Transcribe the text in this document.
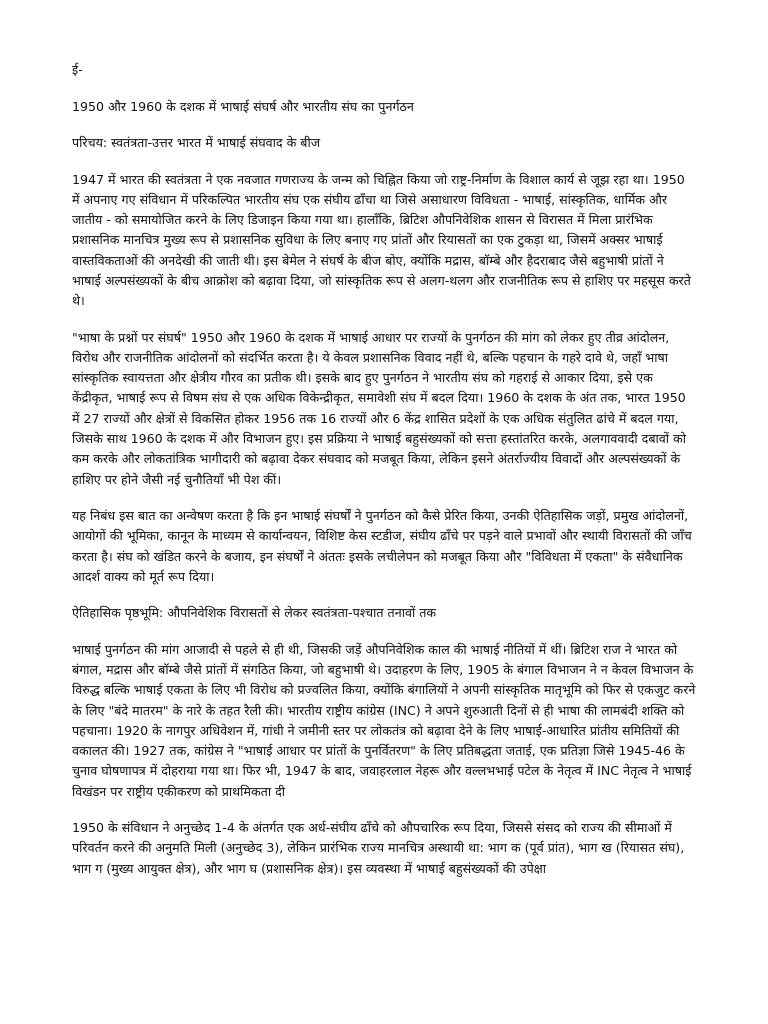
ई-

1950 और 1960 के दशक में भाषाई संघर्ष और भारतीय संघ का पुनर्गठन

परिचय: स्वतंत्रता-उत्तर भारत में भाषाई संघवाद के बीज

1947 में भारत की स्वतंत्रता ने एक नवजात गणराज्य के जन्म को चिह्नित किया जो राष्ट्र-निर्माण के विशाल कार्य से जूझ रहा था। 1950 में अपनाए गए संविधान में परिकल्पित भारतीय संघ एक संघीय ढाँचा था जिसे असाधारण विविधता - भाषाई, सांस्कृतिक, धार्मिक और जातीय - को समायोजित करने के लिए डिजाइन किया गया था। हालाँकि, ब्रिटिश औपनिवेशिक शासन से विरासत में मिला प्रारंभिक प्रशासनिक मानचित्र मुख्य रूप से प्रशासनिक सुविधा के लिए बनाए गए प्रांतों और रियासतों का एक टुकड़ा था, जिसमें अक्सर भाषाई वास्तविकताओं की अनदेखी की जाती थी। इस बेमेल ने संघर्ष के बीज बोए, क्योंकि मद्रास, बॉम्बे और हैदराबाद जैसे बहुभाषी प्रांतों ने भाषाई अल्पसंख्यकों के बीच आक्रोश को बढ़ावा दिया, जो सांस्कृतिक रूप से अलग-थलग और राजनीतिक रूप से हाशिए पर महसूस करते थे।

"भाषा के प्रश्नों पर संघर्ष" 1950 और 1960 के दशक में भाषाई आधार पर राज्यों के पुनर्गठन की मांग को लेकर हुए तीव्र आंदोलन, विरोध और राजनीतिक आंदोलनों को संदर्भित करता है। ये केवल प्रशासनिक विवाद नहीं थे, बल्कि पहचान के गहरे दावे थे, जहाँ भाषा सांस्कृतिक स्वायत्तता और क्षेत्रीय गौरव का प्रतीक थी। इसके बाद हुए पुनर्गठन ने भारतीय संघ को गहराई से आकार दिया, इसे एक केंद्रीकृत, भाषाई रूप से विषम संघ से एक अधिक विकेन्द्रीकृत, समावेशी संघ में बदल दिया। 1960 के दशक के अंत तक, भारत 1950 में 27 राज्यों और क्षेत्रों से विकसित होकर 1956 तक 16 राज्यों और 6 केंद्र शासित प्रदेशों के एक अधिक संतुलित ढांचे में बदल गया, जिसके साथ 1960 के दशक में और विभाजन हुए। इस प्रक्रिया ने भाषाई बहुसंख्यकों को सत्ता हस्तांतरित करके, अलगाववादी दबावों को कम करके और लोकतांत्रिक भागीदारी को बढ़ावा देकर संघवाद को मजबूत किया, लेकिन इसने अंतर्राज्यीय विवादों और अल्पसंख्यकों के हाशिए पर होने जैसी नई चुनौतियाँ भी पेश कीं।

यह निबंध इस बात का अन्वेषण करता है कि इन भाषाई संघर्षों ने पुनर्गठन को कैसे प्रेरित किया, उनकी ऐतिहासिक जड़ों, प्रमुख आंदोलनों, आयोगों की भूमिका, कानून के माध्यम से कार्यान्वयन, विशिष्ट केस स्टडीज, संघीय ढाँचे पर पड़ने वाले प्रभावों और स्थायी विरासतों की जाँच करता है। संघ को खंडित करने के बजाय, इन संघर्षों ने अंततः इसके लचीलेपन को मजबूत किया और "विविधता में एकता" के संवैधानिक आदर्श वाक्य को मूर्त रूप दिया।

ऐतिहासिक पृष्ठभूमि: औपनिवेशिक विरासतों से लेकर स्वतंत्रता-पश्चात तनावों तक

भाषाई पुनर्गठन की मांग आजादी से पहले से ही थी, जिसकी जड़ें औपनिवेशिक काल की भाषाई नीतियों में थीं। ब्रिटिश राज ने भारत को बंगाल, मद्रास और बॉम्बे जैसे प्रांतों में संगठित किया, जो बहुभाषी थे। उदाहरण के लिए, 1905 के बंगाल विभाजन ने न केवल विभाजन के विरुद्ध बल्कि भाषाई एकता के लिए भी विरोध को प्रज्वलित किया, क्योंकि बंगालियों ने अपनी सांस्कृतिक मातृभूमि को फिर से एकजुट करने के लिए "बंदे मातरम" के नारे के तहत रैली की। भारतीय राष्ट्रीय कांग्रेस (INC) ने अपने शुरुआती दिनों से ही भाषा की लामबंदी शक्ति को पहचाना। 1920 के नागपुर अधिवेशन में, गांधी ने जमीनी स्तर पर लोकतंत्र को बढ़ावा देने के लिए भाषाई-आधारित प्रांतीय समितियों की वकालत की। 1927 तक, कांग्रेस ने "भाषाई आधार पर प्रांतों के पुनर्वितरण" के लिए प्रतिबद्धता जताई, एक प्रतिज्ञा जिसे 1945-46 के चुनाव घोषणापत्र में दोहराया गया था। फिर भी, 1947 के बाद, जवाहरलाल नेहरू और वल्लभभाई पटेल के नेतृत्व में INC नेतृत्व ने भाषाई विखंडन पर राष्ट्रीय एकीकरण को प्राथमिकता दी

1950 के संविधान ने अनुच्छेद 1-4 के अंतर्गत एक अर्ध-संघीय ढाँचे को औपचारिक रूप दिया, जिससे संसद को राज्य की सीमाओं में परिवर्तन करने की अनुमति मिली (अनुच्छेद 3), लेकिन प्रारंभिक राज्य मानचित्र अस्थायी था: भाग क (पूर्व प्रांत), भाग ख (रियासत संघ), भाग ग (मुख्य आयुक्त क्षेत्र), और भाग घ (प्रशासनिक क्षेत्र)। इस व्यवस्था में भाषाई बहुसंख्यकों की उपेक्षा
